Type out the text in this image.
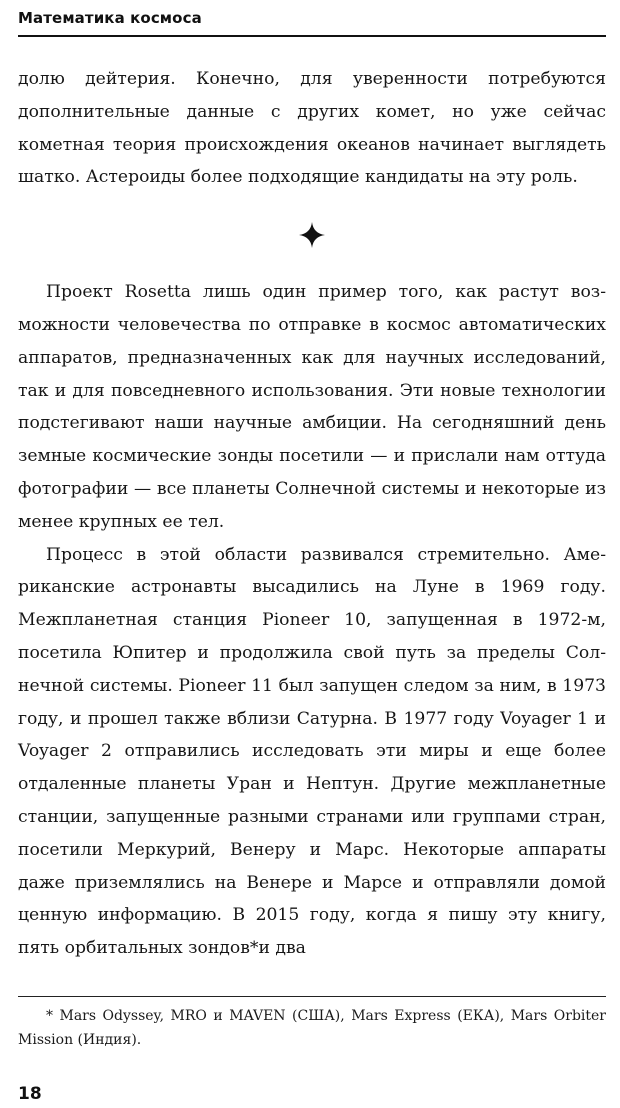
Математика космоса

долю дейтерия. Конечно, для уверенности потребуются дополнительные данные с других комет, но уже сейчас кометная теория происхождения океанов начинает выглядеть шатко. Астероиды более подходящие кандидаты на эту роль.

Проект Rosetta лишь один пример того, как растут возможности человечества по отправке в космос автоматических аппаратов, предназначенных как для научных исследований, так и для повседневного использования. Эти новые технологии подстегивают наши научные амбиции. На сегодняшний день земные космические зонды посетили — и прислали нам оттуда фотографии — все планеты Солнечной системы и некоторые из менее крупных ее тел.

Процесс в этой области развивался стремительно. Американские астронавты высадились на Луне в 1969 году. Межпланетная станция Pioneer 10, запущенная в 1972-м, посетила Юпитер и продолжила свой путь за пределы Солнечной системы. Pioneer 11 был запущен следом за ним, в 1973 году, и прошел также вблизи Сатурна. В 1977 году Voyager 1 и Voyager 2 отправились исследовать эти миры и еще более отдаленные планеты Уран и Нептун. Другие межпланетные станции, запущенные разными странами или группами стран, посетили Меркурий, Венеру и Марс. Некоторые аппараты даже приземлялись на Венере и Марсе и отправляли домой ценную информацию. В 2015 году, когда я пишу эту книгу, пять орбитальных зондов*и два

* Mars Odyssey, MRO и MAVEN (США), Mars Express (ЕКА), Mars Orbiter Mission (Индия).

18
